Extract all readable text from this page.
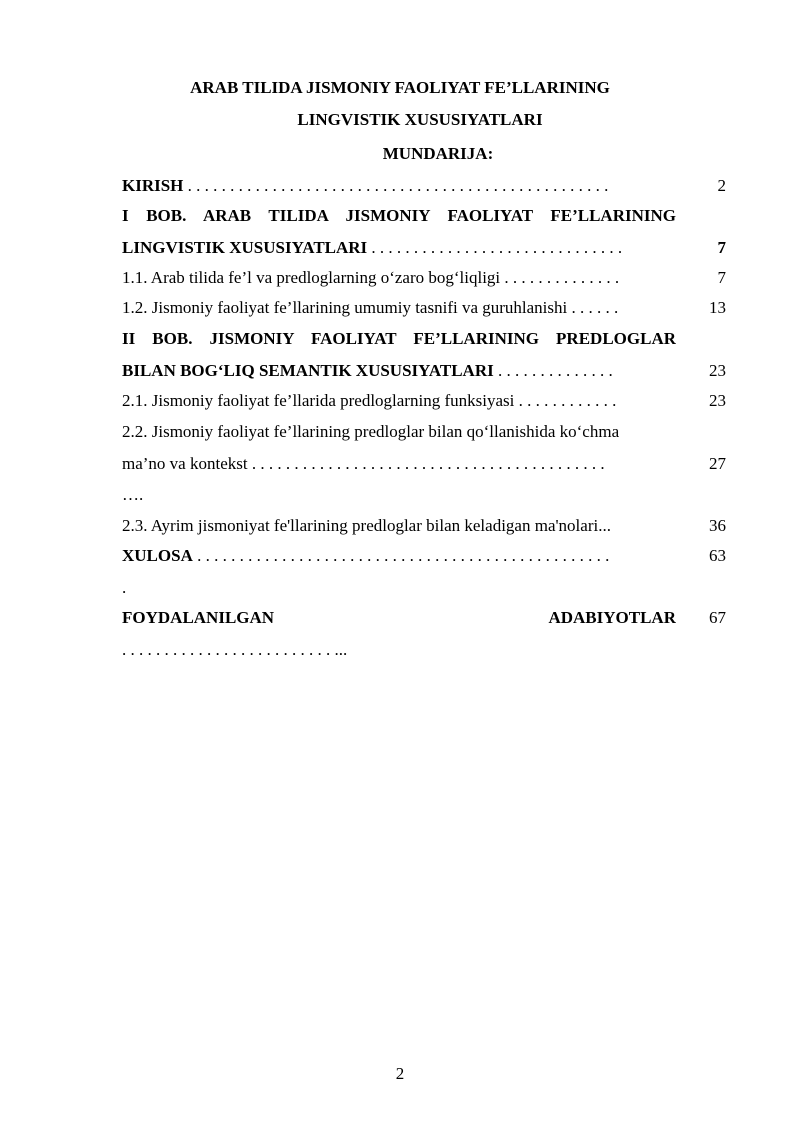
ARAB TILIDA JISMONIY FAOLIYAT FE’LLARINING
LINGVISTIK XUSUSIYATLARI
MUNDARIJA:
KIRISH . . . . . . . . . . . . . . . . . . . . . . . . . . . . . . . . . . . . . . . . . . . . . . . . . .	2
I BOB. ARAB TILIDA JISMONIY FAOLIYAT FE’LLARINING
LINGVISTIK XUSUSIYATLARI . . . . . . . . . . . . . . . . . . . . . . . . . . . . . .	7
1.1. Arab tilida fe’l va predloglarning o‘zaro bog‘liqligi . . . . . . . . . . . . . .	7
1.2. Jismoniy faoliyat fe’llarining umumiy tasnifi va guruhlanishi . . . . . .	13
II BOB. JISMONIY FAOLIYAT FE’LLARINING PREDLOGLAR
BILAN BOG‘LIQ SEMANTIK XUSUSIYATLARI . . . . . . . . . . . . . .	23
2.1. Jismoniy faoliyat fe’llarida predloglarning funksiyasi . . . . . . . . . . . .	23
2.2. Jismoniy faoliyat fe’llarining predloglar bilan qo‘llanishida ko‘chma
ma’no va kontekst . . . . . . . . . . . . . . . . . . . . . . . . . . . . . . . . . . . . . . . . . .	27
….
2.3. Ayrim jismoniyat fe'llarining predloglar bilan keladigan ma'nolari...	36
XULOSA . . . . . . . . . . . . . . . . . . . . . . . . . . . . . . . . . . . . . . . . . . . . . . . . .	63
.
FOYDALANILGAN	ADABIYOTLAR	67
. . . . . . . . . . . . . . . . . . . . . . . . . ...
2
